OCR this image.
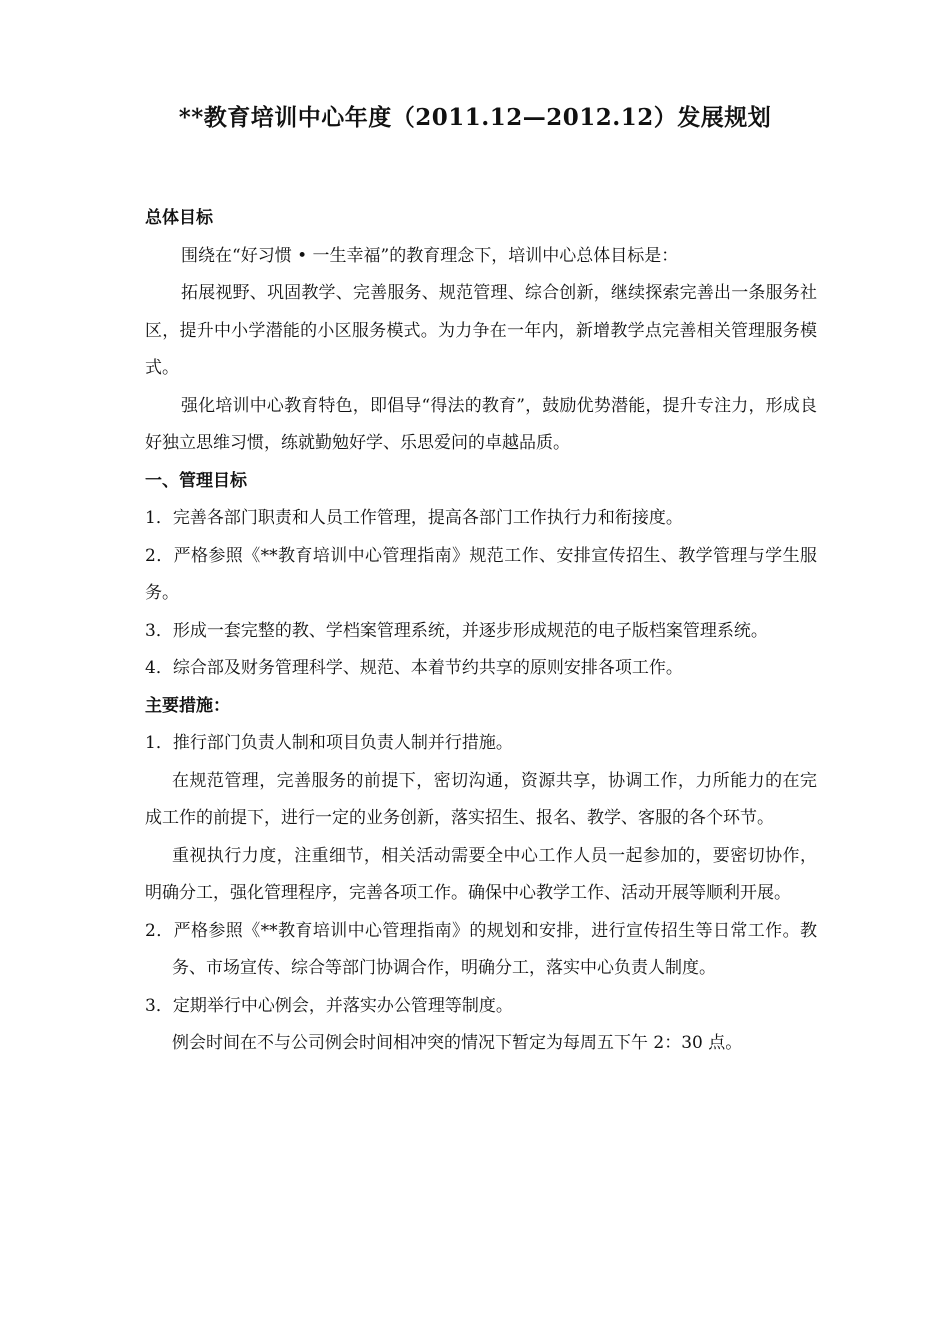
**教育培训中心年度（2011.12—2012.12）发展规划

总体目标

围绕在“好习惯 • 一生幸福”的教育理念下，培训中心总体目标是：

拓展视野、巩固教学、完善服务、规范管理、综合创新，继续探索完善出一条服务社区，提升中小学潜能的小区服务模式。为力争在一年内，新增教学点完善相关管理服务模式。

强化培训中心教育特色，即倡导“得法的教育”，鼓励优势潜能，提升专注力，形成良好独立思维习惯，练就勤勉好学、乐思爱问的卓越品质。

一、管理目标

1．完善各部门职责和人员工作管理，提高各部门工作执行力和衔接度。

2．严格参照《**教育培训中心管理指南》规范工作、安排宣传招生、教学管理与学生服务。

3．形成一套完整的教、学档案管理系统，并逐步形成规范的电子版档案管理系统。

4．综合部及财务管理科学、规范、本着节约共享的原则安排各项工作。

主要措施：

1．推行部门负责人制和项目负责人制并行措施。

在规范管理，完善服务的前提下，密切沟通，资源共享，协调工作，力所能力的在完成工作的前提下，进行一定的业务创新，落实招生、报名、教学、客服的各个环节。

重视执行力度，注重细节，相关活动需要全中心工作人员一起参加的，要密切协作，明确分工，强化管理程序，完善各项工作。确保中心教学工作、活动开展等顺利开展。

2．严格参照《**教育培训中心管理指南》的规划和安排，进行宣传招生等日常工作。教务、市场宣传、综合等部门协调合作，明确分工，落实中心负责人制度。

3．定期举行中心例会，并落实办公管理等制度。

例会时间在不与公司例会时间相冲突的情况下暂定为每周五下午 2：30 点。
